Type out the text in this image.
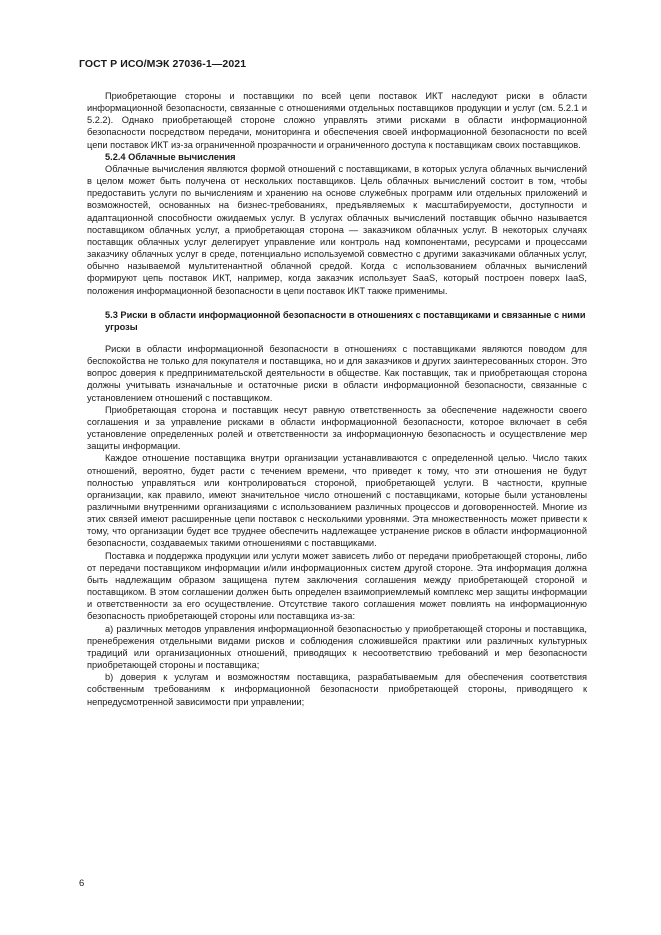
ГОСТ Р ИСО/МЭК 27036-1—2021

Приобретающие стороны и поставщики по всей цепи поставок ИКТ наследуют риски в области информационной безопасности, связанные с отношениями отдельных поставщиков продукции и услуг (см. 5.2.1 и 5.2.2). Однако приобретающей стороне сложно управлять этими рисками в области информационной безопасности посредством передачи, мониторинга и обеспечения своей информационной безопасности по всей цепи поставок ИКТ из-за ограниченной прозрачности и ограниченного доступа к поставщикам своих поставщиков.

5.2.4 Облачные вычисления

Облачные вычисления являются формой отношений с поставщиками, в которых услуга облачных вычислений в целом может быть получена от нескольких поставщиков. Цель облачных вычислений состоит в том, чтобы предоставить услуги по вычислениям и хранению на основе служебных программ или отдельных приложений и возможностей, основанных на бизнес-требованиях, предъявляемых к масштабируемости, доступности и адаптационной способности ожидаемых услуг. В услугах облачных вычислений поставщик обычно называется поставщиком облачных услуг, а приобретающая сторона — заказчиком облачных услуг. В некоторых случаях поставщик облачных услуг делегирует управление или контроль над компонентами, ресурсами и процессами заказчику облачных услуг в среде, потенциально используемой совместно с другими заказчиками облачных услуг, обычно называемой мультитенантной облачной средой. Когда с использованием облачных вычислений формируют цепь поставок ИКТ, например, когда заказчик использует SaaS, который построен поверх IaaS, положения информационной безопасности в цепи поставок ИКТ также применимы.

5.3 Риски в области информационной безопасности в отношениях с поставщиками и связанные с ними угрозы

Риски в области информационной безопасности в отношениях с поставщиками являются поводом для беспокойства не только для покупателя и поставщика, но и для заказчиков и других заинтересованных сторон. Это вопрос доверия к предпринимательской деятельности в обществе. Как поставщик, так и приобретающая сторона должны учитывать изначальные и остаточные риски в области информационной безопасности, связанные с установлением отношений с поставщиком.

Приобретающая сторона и поставщик несут равную ответственность за обеспечение надежности своего соглашения и за управление рисками в области информационной безопасности, которое включает в себя установление определенных ролей и ответственности за информационную безопасность и осуществление мер защиты информации.

Каждое отношение поставщика внутри организации устанавливаются с определенной целью. Число таких отношений, вероятно, будет расти с течением времени, что приведет к тому, что эти отношения не будут полностью управляться или контролироваться стороной, приобретающей услуги. В частности, крупные организации, как правило, имеют значительное число отношений с поставщиками, которые были установлены различными внутренними организациями с использованием различных процессов и договоренностей. Многие из этих связей имеют расширенные цепи поставок с несколькими уровнями. Эта множественность может привести к тому, что организации будет все труднее обеспечить надлежащее устранение рисков в области информационной безопасности, создаваемых такими отношениями с поставщиками.

Поставка и поддержка продукции или услуги может зависеть либо от передачи приобретающей стороны, либо от передачи поставщиком информации и/или информационных систем другой стороне. Эта информация должна быть надлежащим образом защищена путем заключения соглашения между приобретающей стороной и поставщиком. В этом соглашении должен быть определен взаимоприемлемый комплекс мер защиты информации и ответственности за его осуществление. Отсутствие такого соглашения может повлиять на информационную безопасность приобретающей стороны или поставщика из-за:

a) различных методов управления информационной безопасностью у приобретающей стороны и поставщика, пренебрежения отдельными видами рисков и соблюдения сложившейся практики или различных культурных традиций или организационных отношений, приводящих к несоответствию требований и мер безопасности приобретающей стороны и поставщика;

b) доверия к услугам и возможностям поставщика, разрабатываемым для обеспечения соответствия собственным требованиям к информационной безопасности приобретающей стороны, приводящего к непредусмотренной зависимости при управлении;

6
